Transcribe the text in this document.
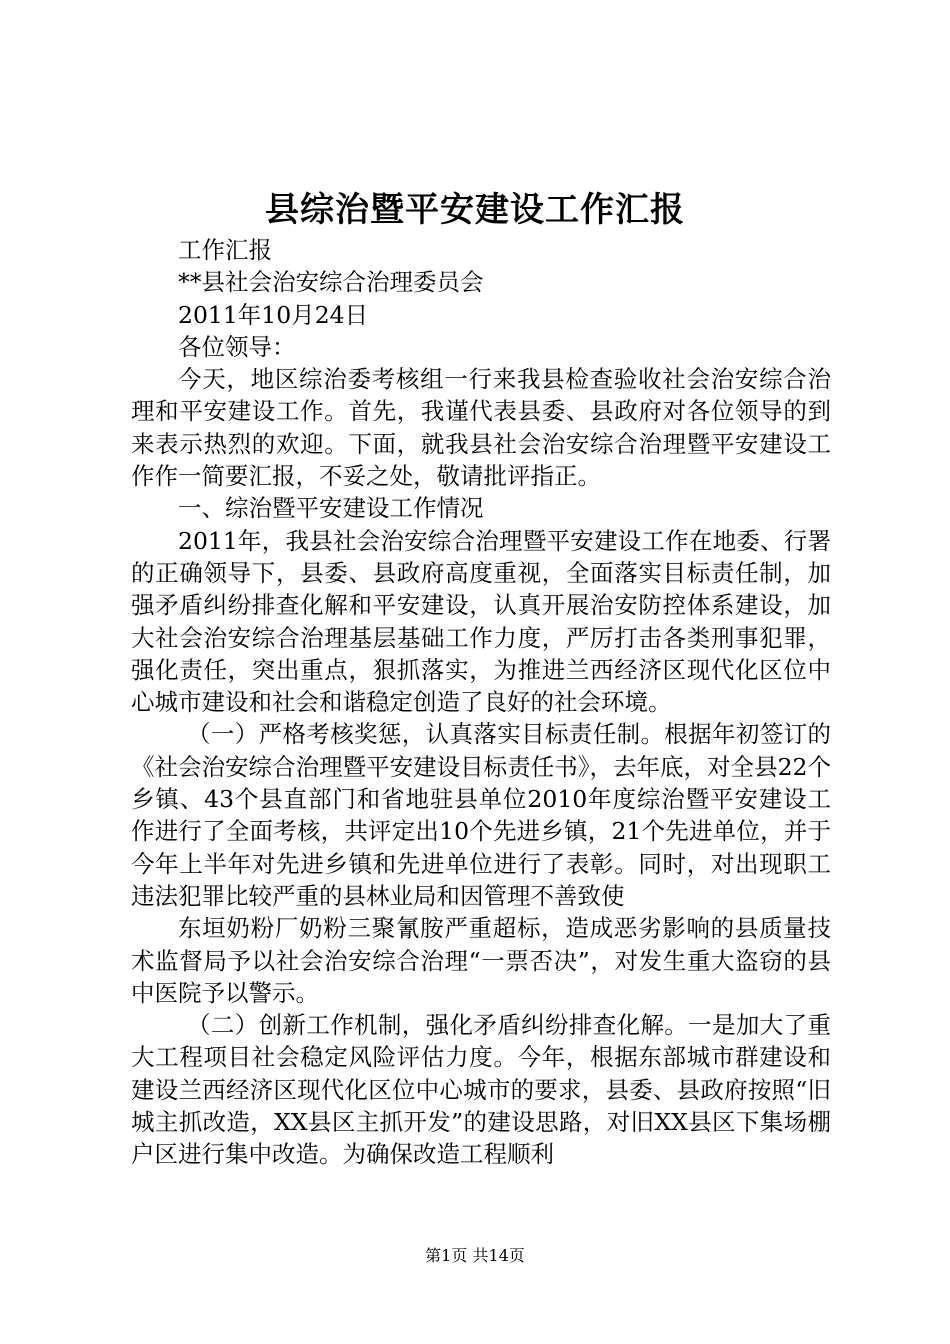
县综治暨平安建设工作汇报

工作汇报

**县社会治安综合治理委员会

2011年10月24日

各位领导：

今天，地区综治委考核组一行来我县检查验收社会治安综合治理和平安建设工作。首先，我谨代表县委、县政府对各位领导的到来表示热烈的欢迎。下面，就我县社会治安综合治理暨平安建设工作作一简要汇报，不妥之处，敬请批评指正。

一、综治暨平安建设工作情况

2011年，我县社会治安综合治理暨平安建设工作在地委、行署的正确领导下，县委、县政府高度重视，全面落实目标责任制，加强矛盾纠纷排查化解和平安建设，认真开展治安防控体系建设，加大社会治安综合治理基层基础工作力度，严厉打击各类刑事犯罪，强化责任，突出重点，狠抓落实，为推进兰西经济区现代化区位中心城市建设和社会和谐稳定创造了良好的社会环境。

（一）严格考核奖惩，认真落实目标责任制。根据年初签订的《社会治安综合治理暨平安建设目标责任书》，去年底，对全县22个乡镇、43个县直部门和省地驻县单位2010年度综治暨平安建设工作进行了全面考核，共评定出10个先进乡镇，21个先进单位，并于今年上半年对先进乡镇和先进单位进行了表彰。同时，对出现职工违法犯罪比较严重的县林业局和因管理不善致使

东垣奶粉厂奶粉三聚氰胺严重超标，造成恶劣影响的县质量技术监督局予以社会治安综合治理“一票否决”，对发生重大盗窃的县中医院予以警示。

（二）创新工作机制，强化矛盾纠纷排查化解。一是加大了重大工程项目社会稳定风险评估力度。今年，根据东部城市群建设和建设兰西经济区现代化区位中心城市的要求，县委、县政府按照“旧城主抓改造，XX县区主抓开发”的建设思路，对旧XX县区下集场棚户区进行集中改造。为确保改造工程顺利

第1页 共14页
